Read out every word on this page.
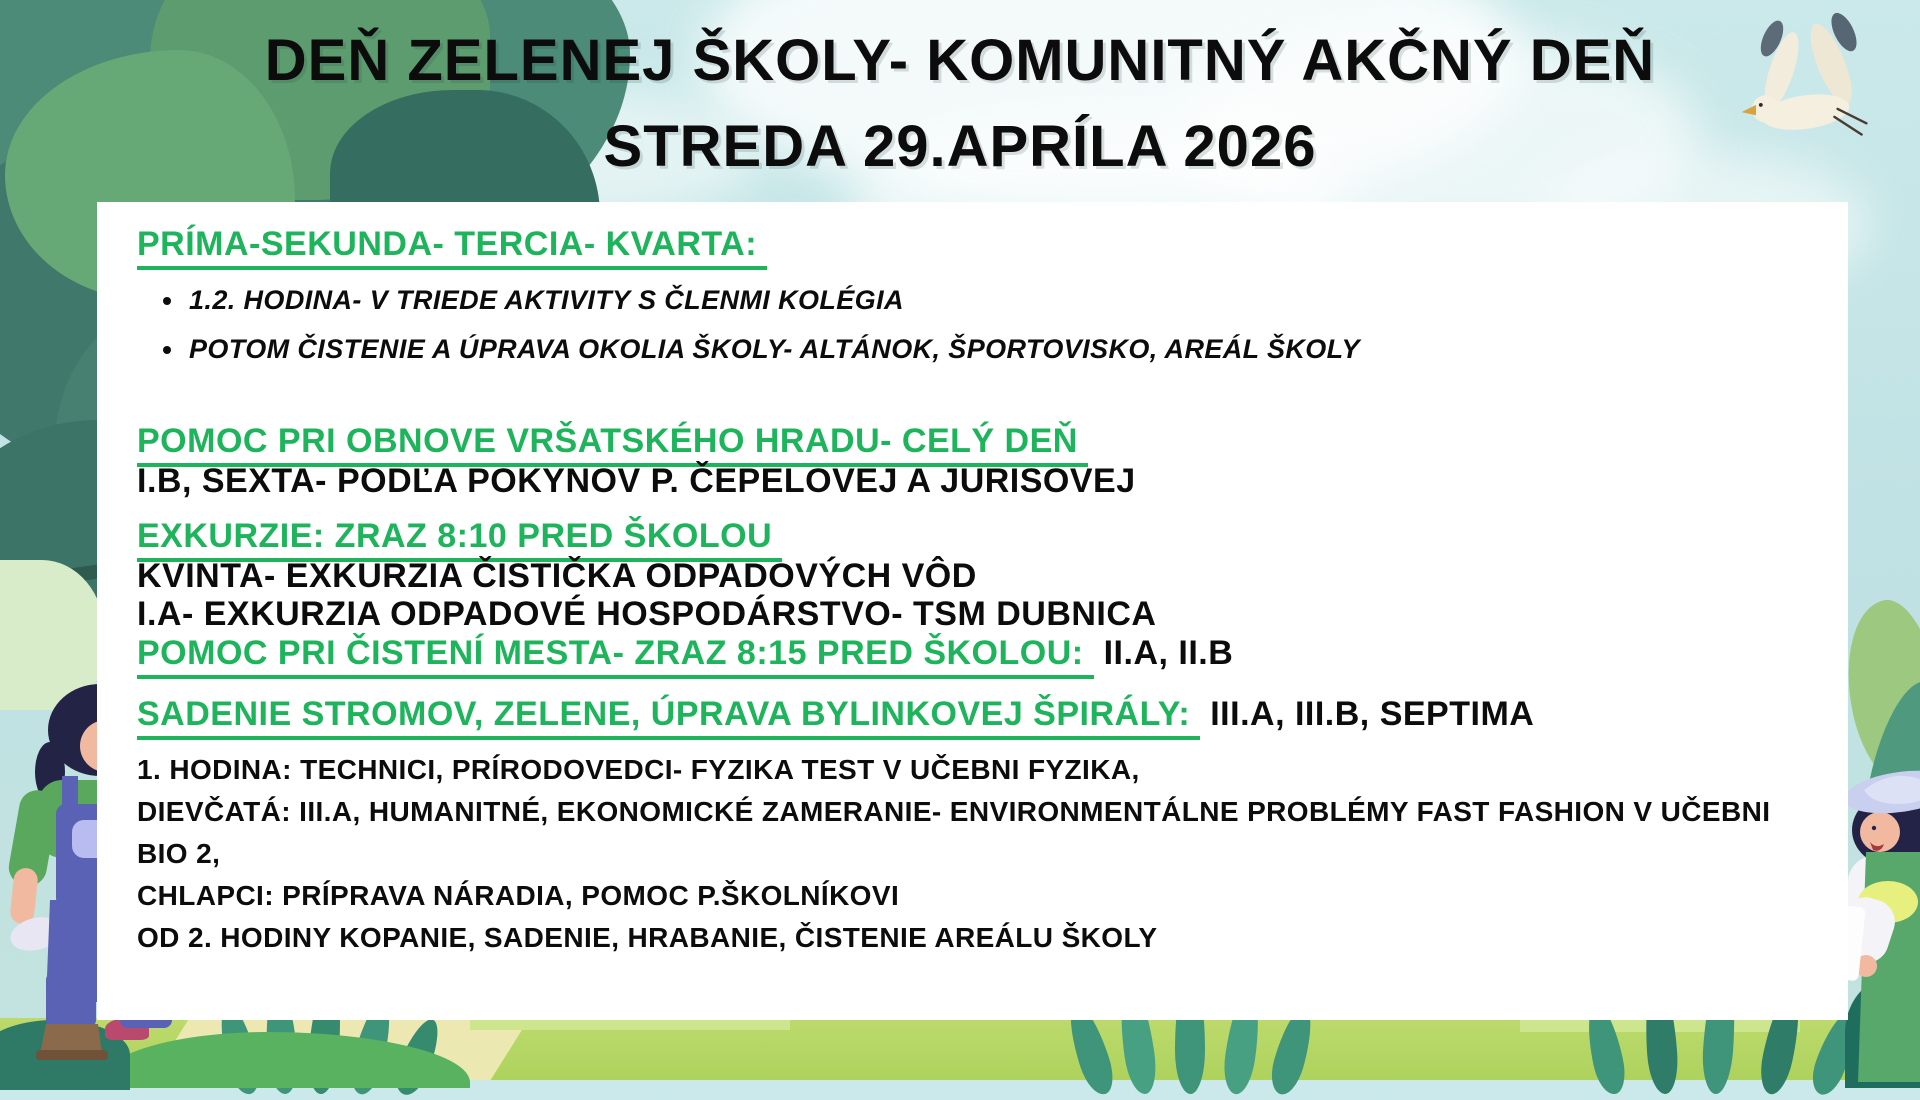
DEŇ ZELENEJ ŠKOLY- KOMUNITNÝ AKČNÝ DEŇ
STREDA 29.APRÍLA 2026
PRÍMA-SEKUNDA- TERCIA- KVARTA:
1.2. HODINA- V TRIEDE AKTIVITY S ČLENMI KOLÉGIA
POTOM ČISTENIE A ÚPRAVA OKOLIA ŠKOLY- ALTÁNOK, ŠPORTOVISKO, AREÁL ŠKOLY
POMOC PRI OBNOVE VRŠATSKÉHO HRADU- CELÝ DEŇ

I.B, SEXTA- PODĽA POKYNOV P. ČEPELOVEJ A JURISOVEJ

EXKURZIE: ZRAZ 8:10 PRED ŠKOLOU

KVINTA- EXKURZIA ČISTIČKA ODPADOVÝCH VÔD

I.A- EXKURZIA ODPADOVÉ HOSPODÁRSTVO- TSM DUBNICA

POMOC PRI ČISTENÍ MESTA- ZRAZ 8:15 PRED ŠKOLOU: II.A, II.B

SADENIE STROMOV, ZELENE, ÚPRAVA BYLINKOVEJ ŠPIRÁLY: III.A, III.B, SEPTIMA

1. HODINA: TECHNICI, PRÍRODOVEDCI- FYZIKA TEST V UČEBNI FYZIKA,

DIEVČATÁ: III.A, HUMANITNÉ, EKONOMICKÉ ZAMERANIE- ENVIRONMENTÁLNE PROBLÉMY FAST FASHION V UČEBNI BIO 2,

CHLAPCI: PRÍPRAVA NÁRADIA, POMOC P.ŠKOLNÍKOVI

OD 2. HODINY KOPANIE, SADENIE, HRABANIE, ČISTENIE AREÁLU ŠKOLY
